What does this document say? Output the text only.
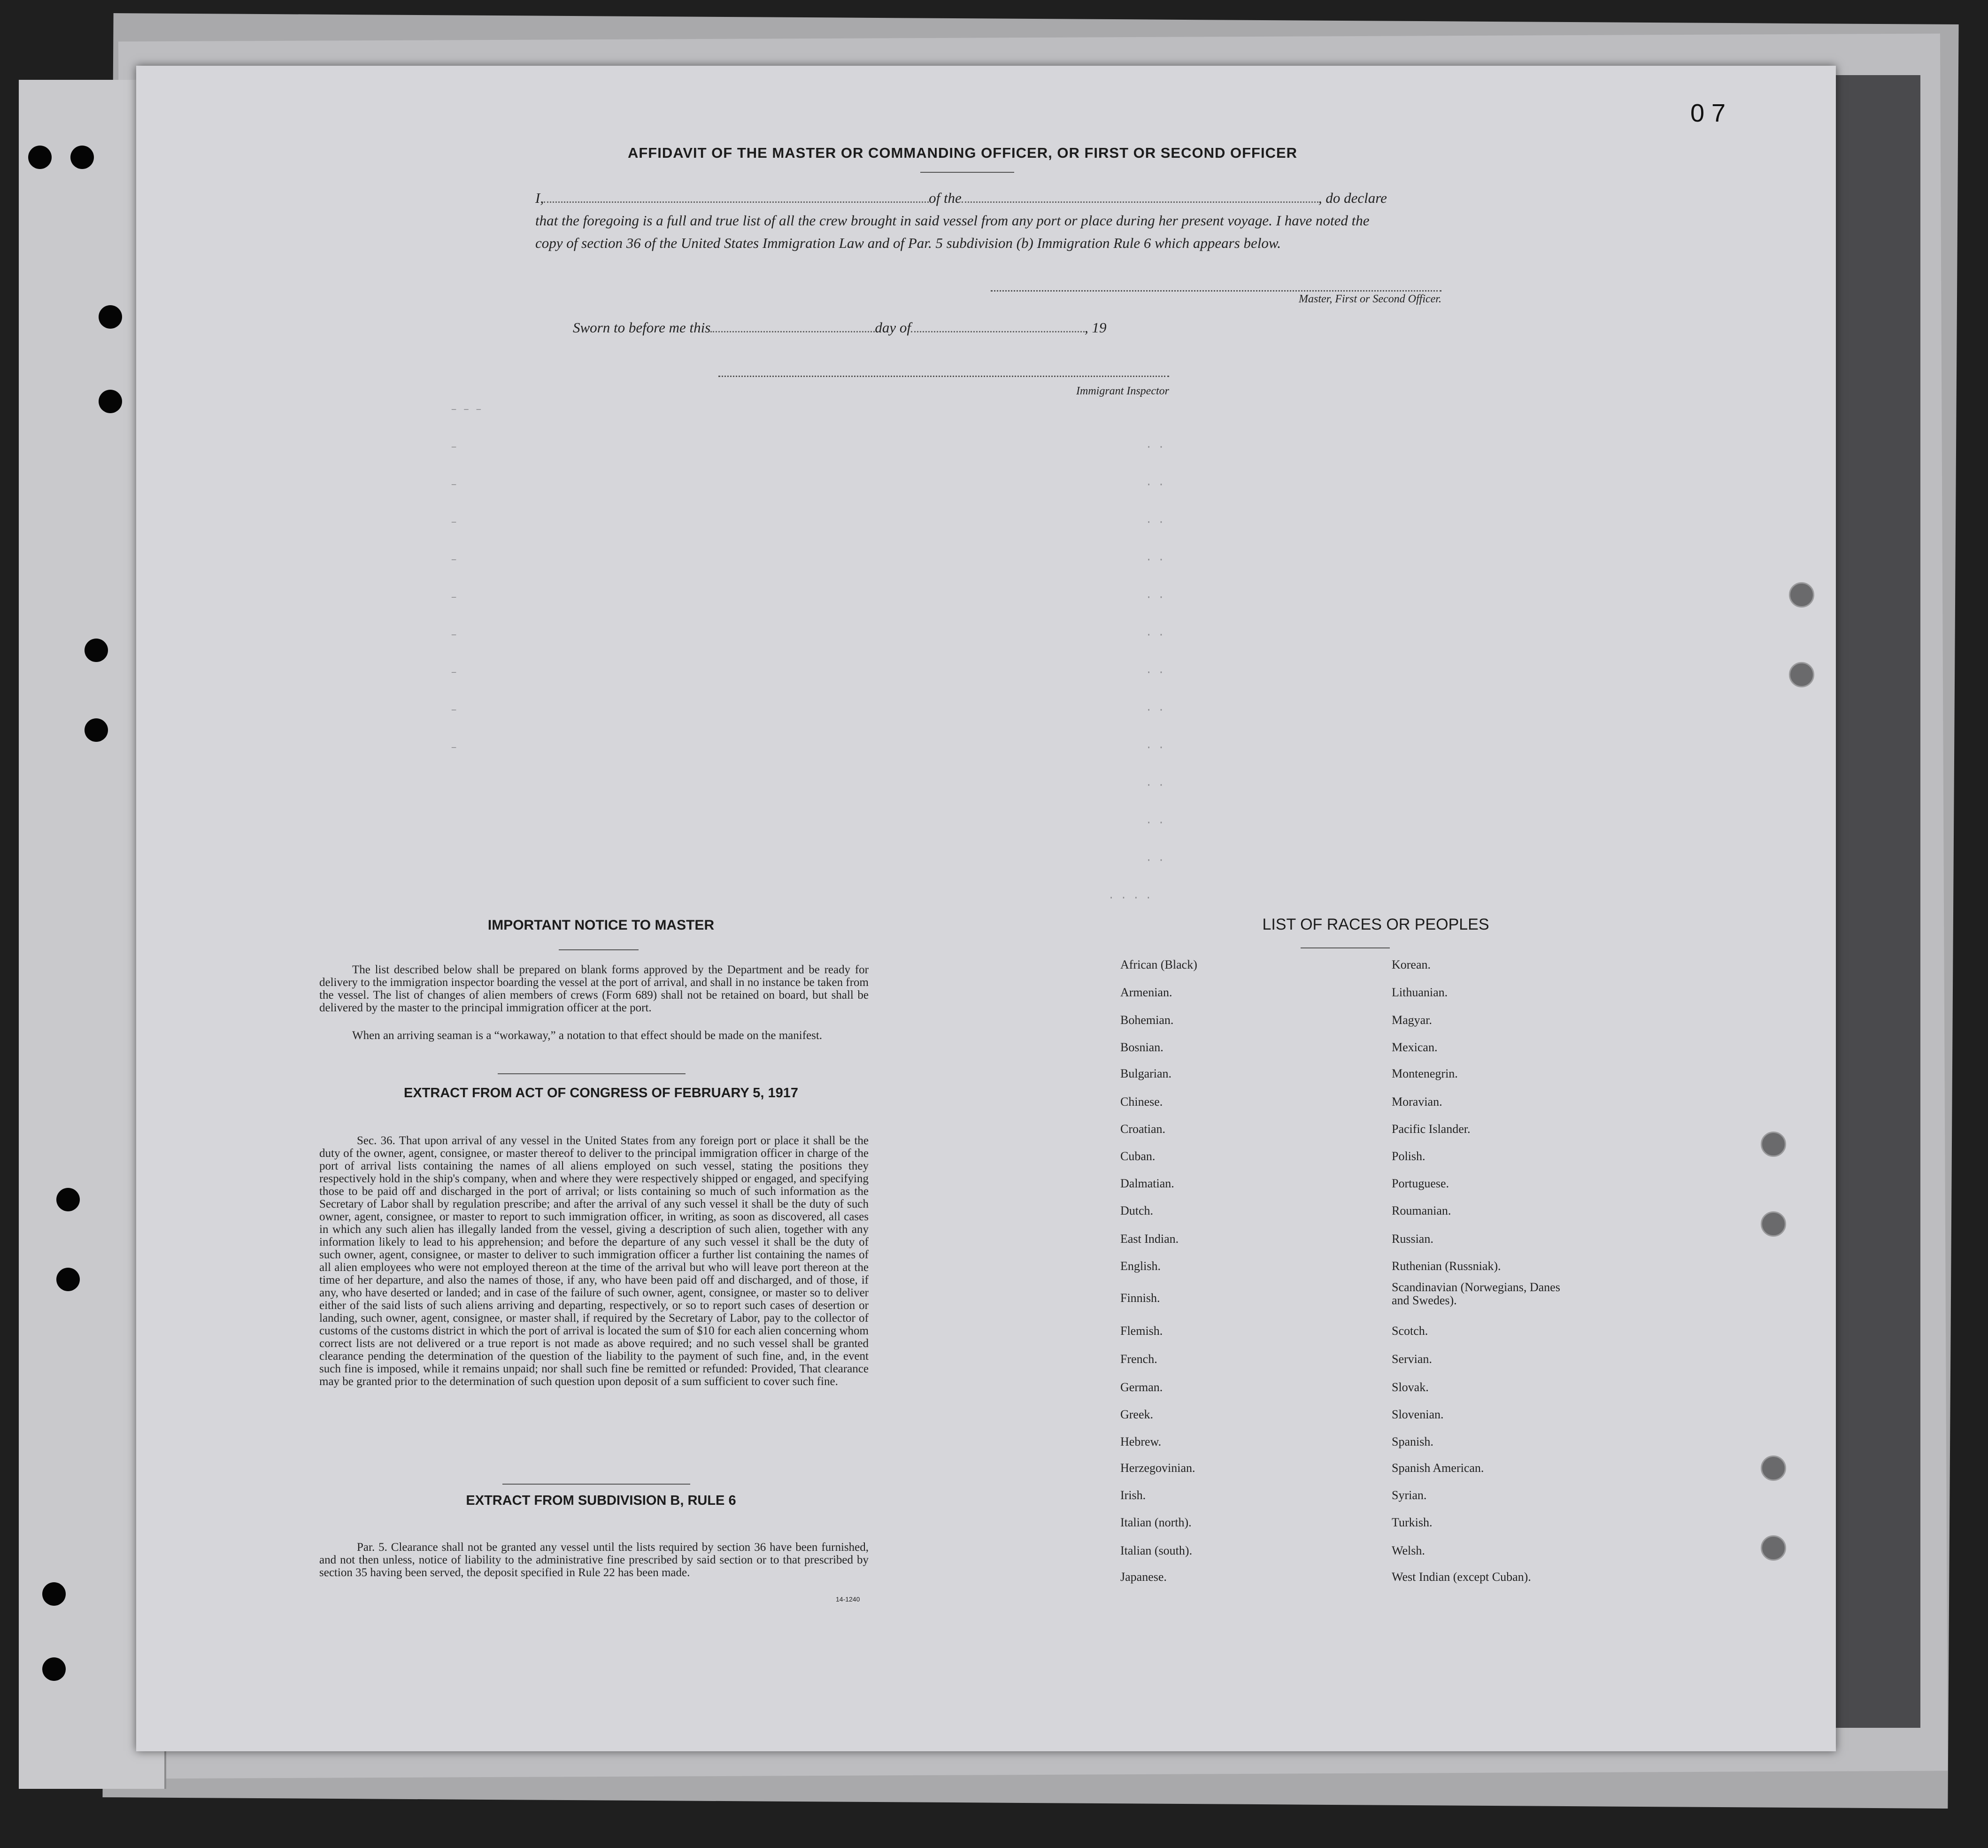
0 7
AFFIDAVIT OF THE MASTER OR COMMANDING OFFICER, OR FIRST OR SECOND OFFICER
I,	of the	, do declare
that the foregoing is a full and true list of all the crew brought in said vessel from any port or place during her present voyage. I have noted the
copy of section 36 of the United States Immigration Law and of Par. 5 subdivision (b) Immigration Rule 6 which appears below.
Master, First or Second Officer.
Sworn to before me this	day of	, 19
Immigrant Inspector
‒ ‒ ‒
‒
‒
‒
‒
‒
‒
‒
‒
‒
· ·
· ·
· ·
· ·
· ·
· ·
· ·
· ·
· ·
· ·
· ·
· ·
· · · ·
IMPORTANT NOTICE TO MASTER
The list described below shall be prepared on blank forms approved by the Department and be ready for delivery to the immigration inspector boarding the vessel at the port of arrival, and shall in no instance be taken from the vessel. The list of changes of alien members of crews (Form 689) shall not be retained on board, but shall be delivered by the master to the principal immigration officer at the port.
When an arriving seaman is a “workaway,” a notation to that effect should be made on the manifest.
EXTRACT FROM ACT OF CONGRESS OF FEBRUARY 5, 1917
Sec. 36. That upon arrival of any vessel in the United States from any foreign port or place it shall be the duty of the owner, agent, consignee, or master thereof to deliver to the principal immigration officer in charge of the port of arrival lists containing the names of all aliens employed on such vessel, stating the positions they respectively hold in the ship's company, when and where they were respectively shipped or engaged, and specifying those to be paid off and discharged in the port of arrival; or lists containing so much of such information as the Secretary of Labor shall by regulation prescribe; and after the arrival of any such vessel it shall be the duty of such owner, agent, consignee, or master to report to such immigration officer, in writing, as soon as discovered, all cases in which any such alien has illegally landed from the vessel, giving a description of such alien, together with any information likely to lead to his apprehension; and before the departure of any such vessel it shall be the duty of such owner, agent, consignee, or master to deliver to such immigration officer a further list containing the names of all alien employees who were not employed thereon at the time of the arrival but who will leave port thereon at the time of her departure, and also the names of those, if any, who have been paid off and discharged, and of those, if any, who have deserted or landed; and in case of the failure of such owner, agent, consignee, or master so to deliver either of the said lists of such aliens arriving and departing, respectively, or so to report such cases of desertion or landing, such owner, agent, consignee, or master shall, if required by the Secretary of Labor, pay to the collector of customs of the customs district in which the port of arrival is located the sum of $10 for each alien concerning whom correct lists are not delivered or a true report is not made as above required; and no such vessel shall be granted clearance pending the determination of the question of the liability to the payment of such fine, and, in the event such fine is imposed, while it remains unpaid; nor shall such fine be remitted or refunded: Provided, That clearance may be granted prior to the determination of such question upon deposit of a sum sufficient to cover such fine.
EXTRACT FROM SUBDIVISION B, RULE 6
Par. 5. Clearance shall not be granted any vessel until the lists required by section 36 have been furnished, and not then unless, notice of liability to the administrative fine prescribed by said section or to that prescribed by section 35 having been served, the deposit specified in Rule 22 has been made.
14-1240
LIST OF RACES OR PEOPLES
African (Black)
Armenian.
Bohemian.
Bosnian.
Bulgarian.
Chinese.
Croatian.
Cuban.
Dalmatian.
Dutch.
East Indian.
English.
Finnish.
Flemish.
French.
German.
Greek.
Hebrew.
Herzegovinian.
Irish.
Italian (north).
Italian (south).
Japanese.
Korean.
Lithuanian.
Magyar.
Mexican.
Montenegrin.
Moravian.
Pacific Islander.
Polish.
Portuguese.
Roumanian.
Russian.
Ruthenian (Russniak).
Scandinavian (Norwegians, Danes and Swedes).
Scotch.
Servian.
Slovak.
Slovenian.
Spanish.
Spanish American.
Syrian.
Turkish.
Welsh.
West Indian (except Cuban).
